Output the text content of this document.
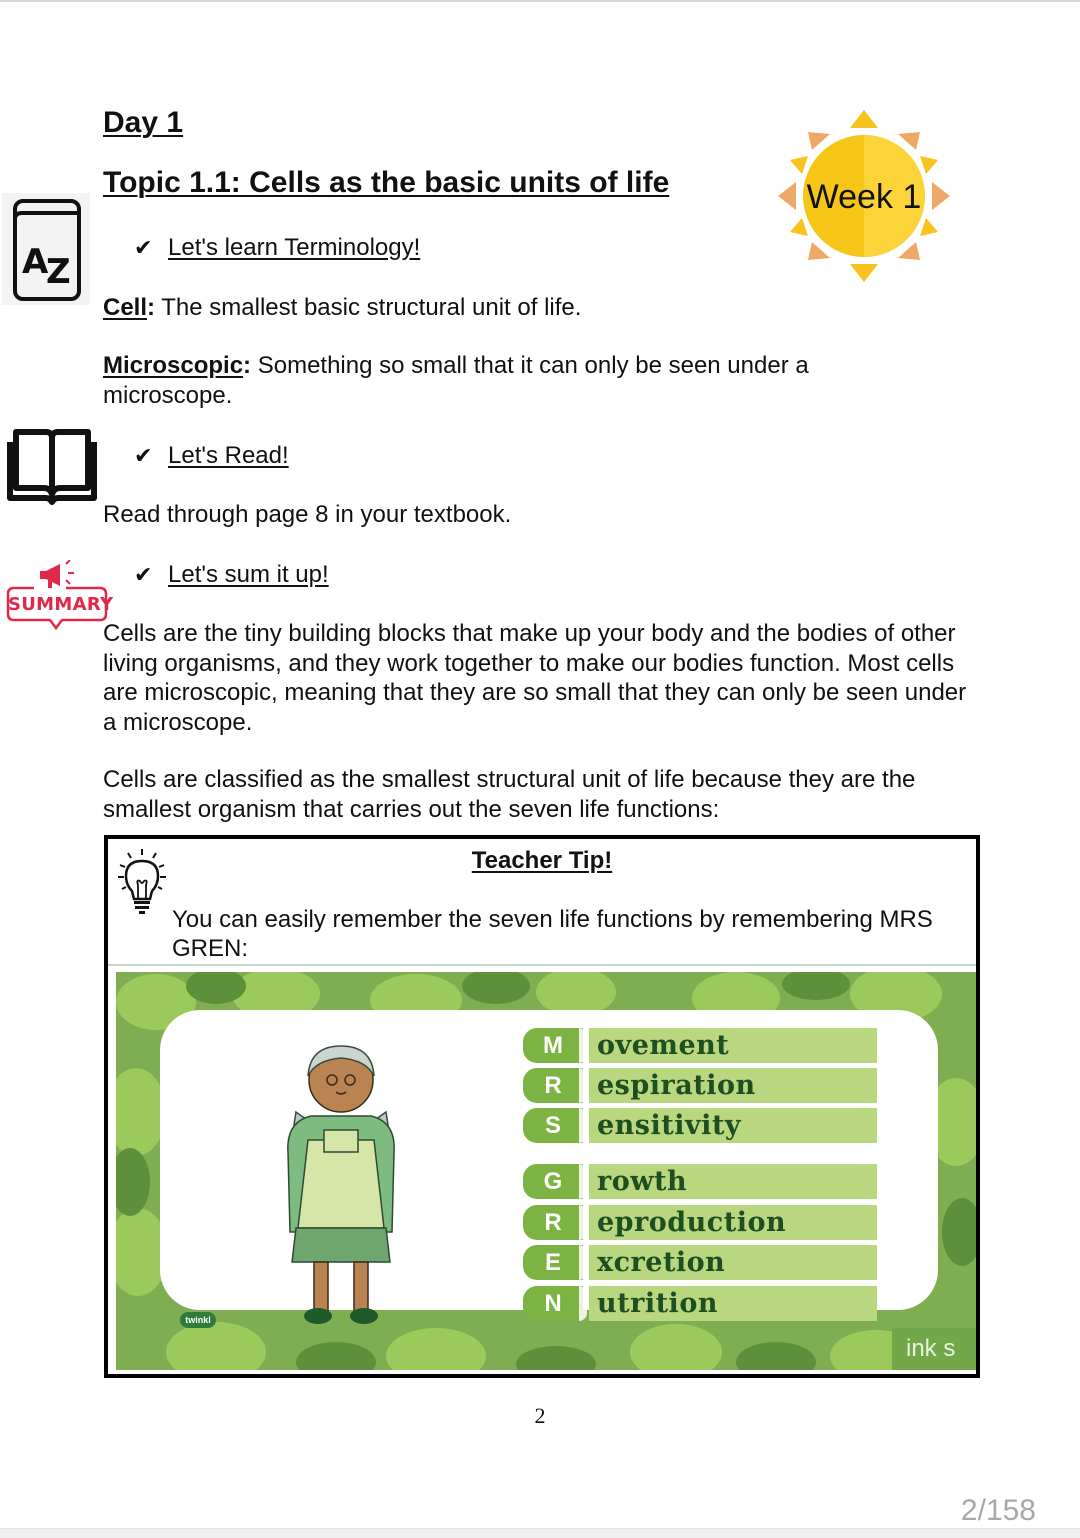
Day 1
Topic 1.1: Cells as the basic units of life	Week 1
A
Z
✔ Let's learn Terminology!
Cell: The smallest basic structural unit of life.
Microscopic: Something so small that it can only be seen under a microscope.
✔ Let's Read!
Read through page 8 in your textbook.
SUMMARY
✔ Let's sum it up!
Cells are the tiny building blocks that make up your body and the bodies of other living organisms, and they work together to make our bodies function. Most cells are microscopic, meaning that they are so small that they can only be seen under a microscope.
Cells are classified as the smallest structural unit of life because they are the smallest organism that carries out the seven life functions:
Teacher Tip!
You can easily remember the seven life functions by remembering MRS GREN:
twinkl
M	ovement
R	espiration
S	ensitivity
G	rowth
R	eproduction
E	xcretion
N	utrition
ink s
2
2/158
